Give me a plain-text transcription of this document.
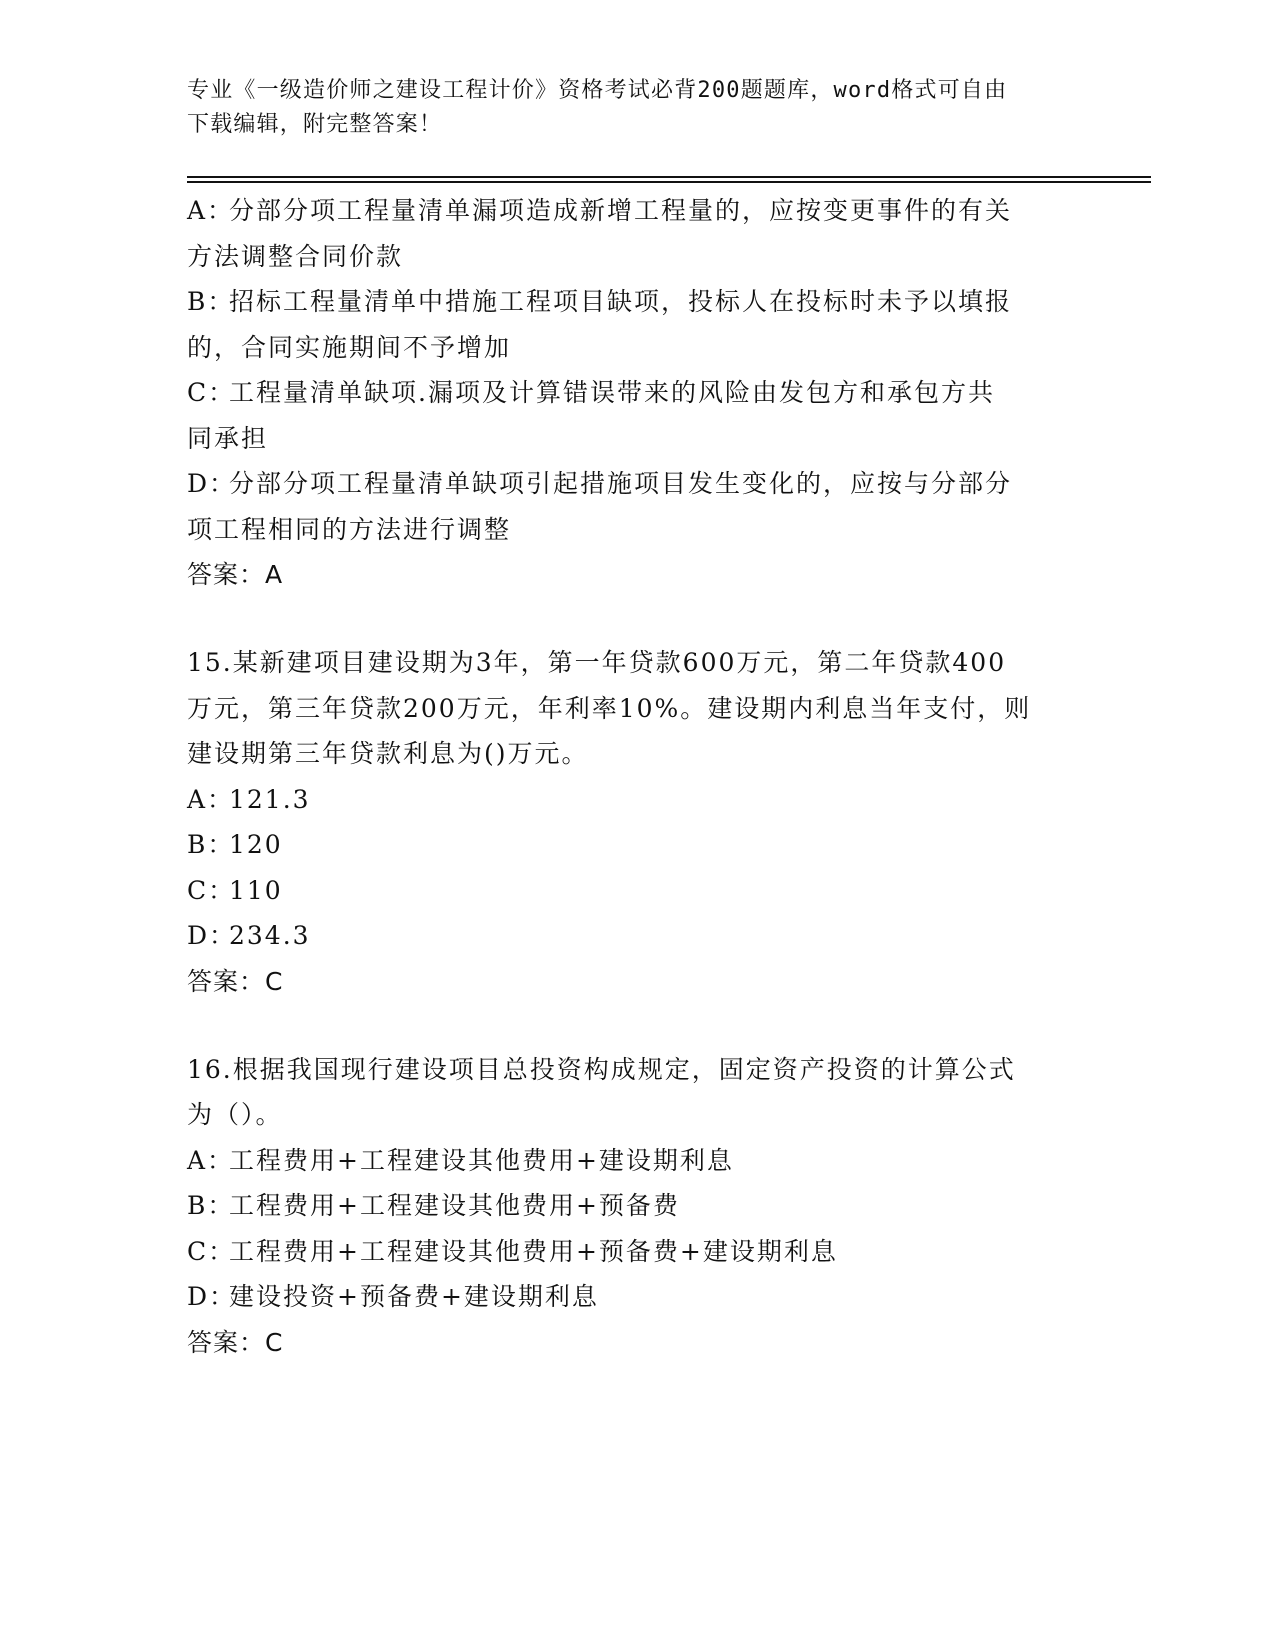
专业《一级造价师之建设工程计价》资格考试必背200题题库，word格式可自由
下载编辑，附完整答案！
A：分部分项工程量清单漏项造成新增工程量的，应按变更事件的有关
方法调整合同价款
B：招标工程量清单中措施工程项目缺项，投标人在投标时未予以填报
的，合同实施期间不予增加
C：工程量清单缺项.漏项及计算错误带来的风险由发包方和承包方共
同承担
D：分部分项工程量清单缺项引起措施项目发生变化的，应按与分部分
项工程相同的方法进行调整
答案：A
15.某新建项目建设期为3年，第一年贷款600万元，第二年贷款400
万元，第三年贷款200万元，年利率10%。建设期内利息当年支付，则
建设期第三年贷款利息为()万元。
A：121.3
B：120
C：110
D：234.3
答案：C
16.根据我国现行建设项目总投资构成规定，固定资产投资的计算公式
为（）。
A：工程费用+工程建设其他费用+建设期利息
B：工程费用+工程建设其他费用+预备费
C：工程费用+工程建设其他费用+预备费+建设期利息
D：建设投资+预备费+建设期利息
答案：C
